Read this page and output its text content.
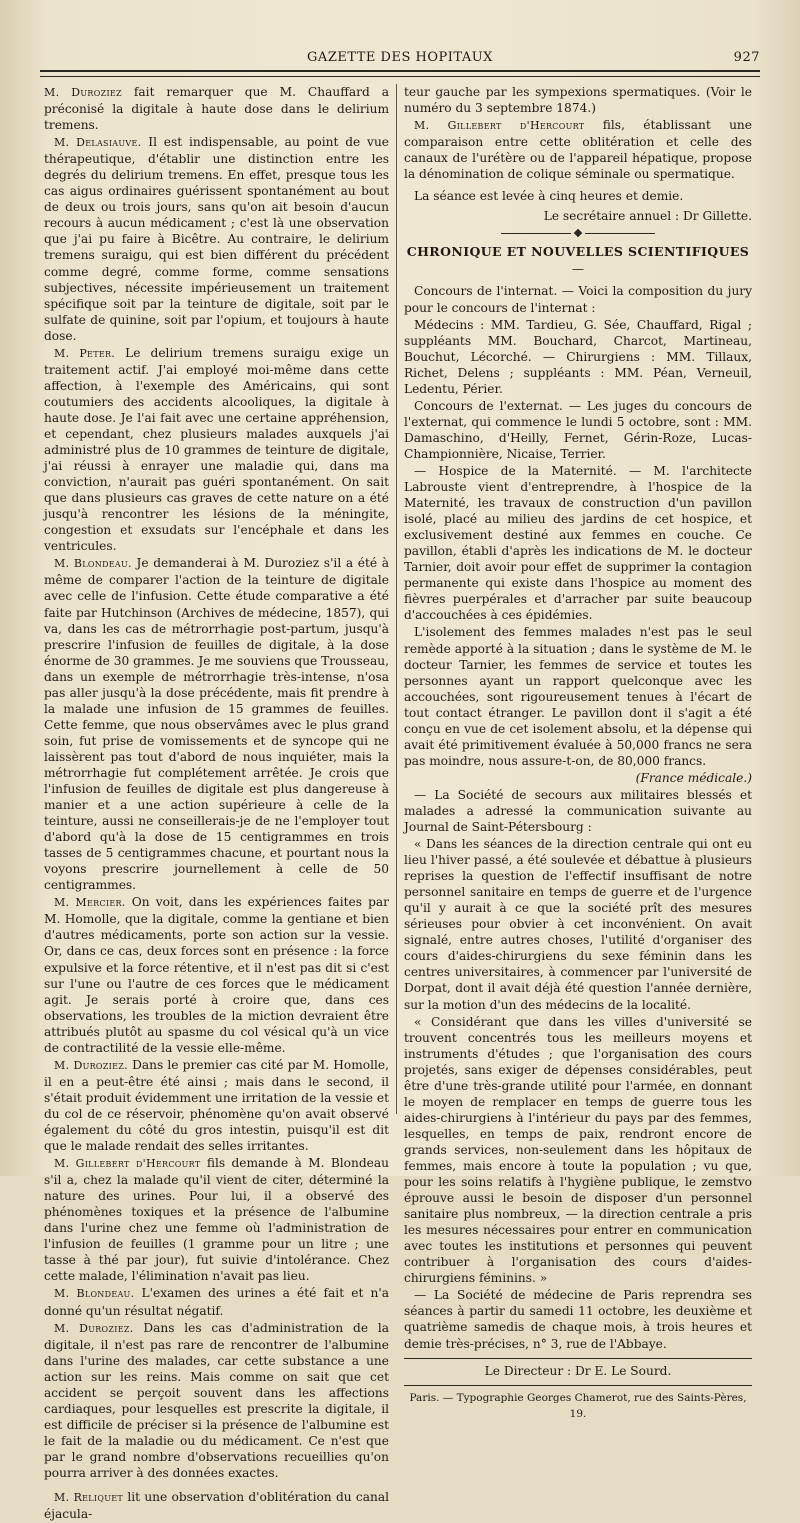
GAZETTE DES HOPITAUX	927

M. Duroziez fait remarquer que M. Chauffard a préconisé la digitale à haute dose dans le delirium tremens.

M. Delasiauve. Il est indispensable, au point de vue thérapeutique, d'établir une distinction entre les degrés du delirium tremens. En effet, presque tous les cas aigus ordinaires guérissent spontanément au bout de deux ou trois jours, sans qu'on ait besoin d'aucun recours à aucun médicament ; c'est là une observation que j'ai pu faire à Bicêtre. Au contraire, le delirium tremens suraigu, qui est bien différent du précédent comme degré, comme forme, comme sensations subjectives, nécessite impérieusement un traitement spécifique soit par la teinture de digitale, soit par le sulfate de quinine, soit par l'opium, et toujours à haute dose.

M. Peter. Le delirium tremens suraigu exige un traitement actif. J'ai employé moi-même dans cette affection, à l'exemple des Américains, qui sont coutumiers des accidents alcooliques, la digitale à haute dose. Je l'ai fait avec une certaine appréhension, et cependant, chez plusieurs malades auxquels j'ai administré plus de 10 grammes de teinture de digitale, j'ai réussi à enrayer une maladie qui, dans ma conviction, n'aurait pas guéri spontanément. On sait que dans plusieurs cas graves de cette nature on a été jusqu'à rencontrer les lésions de la méningite, congestion et exsudats sur l'encéphale et dans les ventricules.

M. Blondeau. Je demanderai à M. Duroziez s'il a été à même de comparer l'action de la teinture de digitale avec celle de l'infusion. Cette étude comparative a été faite par Hutchinson (Archives de médecine, 1857), qui va, dans les cas de métrorrhagie post-partum, jusqu'à prescrire l'infusion de feuilles de digitale, à la dose énorme de 30 grammes. Je me souviens que Trousseau, dans un exemple de métrorrhagie très-intense, n'osa pas aller jusqu'à la dose précédente, mais fit prendre à la malade une infusion de 15 grammes de feuilles. Cette femme, que nous observâmes avec le plus grand soin, fut prise de vomissements et de syncope qui ne laissèrent pas tout d'abord de nous inquiéter, mais la métrorrhagie fut complétement arrêtée. Je crois que l'infusion de feuilles de digitale est plus dangereuse à manier et a une action supérieure à celle de la teinture, aussi ne conseillerais-je de ne l'employer tout d'abord qu'à la dose de 15 centigrammes en trois tasses de 5 centigrammes chacune, et pourtant nous la voyons prescrire journellement à celle de 50 centigrammes.

M. Mercier. On voit, dans les expériences faites par M. Homolle, que la digitale, comme la gentiane et bien d'autres médicaments, porte son action sur la vessie. Or, dans ce cas, deux forces sont en présence : la force expulsive et la force rétentive, et il n'est pas dit si c'est sur l'une ou l'autre de ces forces que le médicament agit. Je serais porté à croire que, dans ces observations, les troubles de la miction devraient être attribués plutôt au spasme du col vésical qu'à un vice de contractilité de la vessie elle-même.

M. Duroziez. Dans le premier cas cité par M. Homolle, il en a peut-être été ainsi ; mais dans le second, il s'était produit évidemment une irritation de la vessie et du col de ce réservoir, phénomène qu'on avait observé également du côté du gros intestin, puisqu'il est dit que le malade rendait des selles irritantes.

M. Gillebert d'Hercourt fils demande à M. Blondeau s'il a, chez la malade qu'il vient de citer, déterminé la nature des urines. Pour lui, il a observé des phénomènes toxiques et la présence de l'albumine dans l'urine chez une femme où l'administration de l'infusion de feuilles (1 gramme pour un litre ; une tasse à thé par jour), fut suivie d'intolérance. Chez cette malade, l'élimination n'avait pas lieu.

M. Blondeau. L'examen des urines a été fait et n'a donné qu'un résultat négatif.

M. Duroziez. Dans les cas d'administration de la digitale, il n'est pas rare de rencontrer de l'albumine dans l'urine des malades, car cette substance a une action sur les reins. Mais comme on sait que cet accident se perçoit souvent dans les affections cardiaques, pour lesquelles est prescrite la digitale, il est difficile de préciser si la présence de l'albumine est le fait de la maladie ou du médicament. Ce n'est que par le grand nombre d'observations recueillies qu'on pourra arriver à des données exactes.

M. Reliquet lit une observation d'oblitération du canal éjacula-

teur gauche par les sympexions spermatiques. (Voir le numéro du 3 septembre 1874.)

M. Gillebert d'Hercourt fils, établissant une comparaison entre cette oblitération et celle des canaux de l'urétère ou de l'appareil hépatique, propose la dénomination de colique séminale ou spermatique.

La séance est levée à cinq heures et demie.

Le secrétaire annuel : Dr Gillette.

CHRONIQUE ET NOUVELLES SCIENTIFIQUES

—

Concours de l'internat. — Voici la composition du jury pour le concours de l'internat :

Médecins : MM. Tardieu, G. Sée, Chauffard, Rigal ; suppléants MM. Bouchard, Charcot, Martineau, Bouchut, Lécorché. — Chirurgiens : MM. Tillaux, Richet, Delens ; suppléants : MM. Péan, Verneuil, Ledentu, Périer.

Concours de l'externat. — Les juges du concours de l'externat, qui commence le lundi 5 octobre, sont : MM. Damaschino, d'Heilly, Fernet, Gérin-Roze, Lucas-Championnière, Nicaise, Terrier.

— Hospice de la Maternité. — M. l'architecte Labrouste vient d'entreprendre, à l'hospice de la Maternité, les travaux de construction d'un pavillon isolé, placé au milieu des jardins de cet hospice, et exclusivement destiné aux femmes en couche. Ce pavillon, établi d'après les indications de M. le docteur Tarnier, doit avoir pour effet de supprimer la contagion permanente qui existe dans l'hospice au moment des fièvres puerpérales et d'arracher par suite beaucoup d'accouchées à ces épidémies.

L'isolement des femmes malades n'est pas le seul remède apporté à la situation ; dans le système de M. le docteur Tarnier, les femmes de service et toutes les personnes ayant un rapport quelconque avec les accouchées, sont rigoureusement tenues à l'écart de tout contact étranger. Le pavillon dont il s'agit a été conçu en vue de cet isolement absolu, et la dépense qui avait été primitivement évaluée à 50,000 francs ne sera pas moindre, nous assure-t-on, de 80,000 francs.

(France médicale.)

— La Société de secours aux militaires blessés et malades a adressé la communication suivante au Journal de Saint-Pétersbourg :

« Dans les séances de la direction centrale qui ont eu lieu l'hiver passé, a été soulevée et débattue à plusieurs reprises la question de l'effectif insuffisant de notre personnel sanitaire en temps de guerre et de l'urgence qu'il y aurait à ce que la société prît des mesures sérieuses pour obvier à cet inconvénient. On avait signalé, entre autres choses, l'utilité d'organiser des cours d'aides-chirurgiens du sexe féminin dans les centres universitaires, à commencer par l'université de Dorpat, dont il avait déjà été question l'année dernière, sur la motion d'un des médecins de la localité.

« Considérant que dans les villes d'université se trouvent concentrés tous les meilleurs moyens et instruments d'études ; que l'organisation des cours projetés, sans exiger de dépenses considérables, peut être d'une très-grande utilité pour l'armée, en donnant le moyen de remplacer en temps de guerre tous les aides-chirurgiens à l'intérieur du pays par des femmes, lesquelles, en temps de paix, rendront encore de grands services, non-seulement dans les hôpitaux de femmes, mais encore à toute la population ; vu que, pour les soins relatifs à l'hygiène publique, le zemstvo éprouve aussi le besoin de disposer d'un personnel sanitaire plus nombreux, — la direction centrale a pris les mesures nécessaires pour entrer en communication avec toutes les institutions et personnes qui peuvent contribuer à l'organisation des cours d'aides-chirurgiens féminins. »

— La Société de médecine de Paris reprendra ses séances à partir du samedi 11 octobre, les deuxième et quatrième samedis de chaque mois, à trois heures et demie très-précises, n° 3, rue de l'Abbaye.

Le Directeur : Dr E. Le Sourd.

Paris. — Typographie Georges Chamerot, rue des Saints-Pères, 19.
